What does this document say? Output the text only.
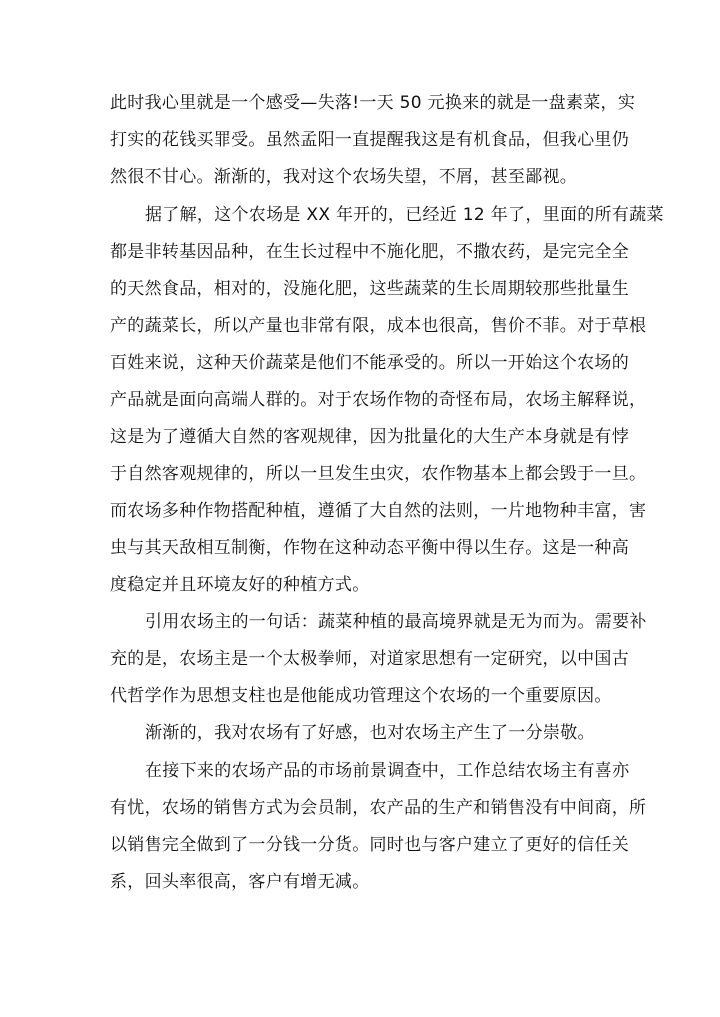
此时我心里就是一个感受—失落!一天 50 元换来的就是一盘素菜，实
打实的花钱买罪受。虽然孟阳一直提醒我这是有机食品，但我心里仍
然很不甘心。渐渐的，我对这个农场失望，不屑，甚至鄙视。
据了解，这个农场是 XX 年开的，已经近 12 年了，里面的所有蔬菜
都是非转基因品种，在生长过程中不施化肥，不撒农药，是完完全全
的天然食品，相对的，没施化肥，这些蔬菜的生长周期较那些批量生
产的蔬菜长，所以产量也非常有限，成本也很高，售价不菲。对于草根
百姓来说，这种天价蔬菜是他们不能承受的。所以一开始这个农场的
产品就是面向高端人群的。对于农场作物的奇怪布局，农场主解释说，
这是为了遵循大自然的客观规律，因为批量化的大生产本身就是有悖
于自然客观规律的，所以一旦发生虫灾，农作物基本上都会毁于一旦。
而农场多种作物搭配种植，遵循了大自然的法则，一片地物种丰富，害
虫与其天敌相互制衡，作物在这种动态平衡中得以生存。这是一种高
度稳定并且环境友好的种植方式。
引用农场主的一句话：蔬菜种植的最高境界就是无为而为。需要补
充的是，农场主是一个太极拳师，对道家思想有一定研究，以中国古
代哲学作为思想支柱也是他能成功管理这个农场的一个重要原因。
渐渐的，我对农场有了好感，也对农场主产生了一分崇敬。
在接下来的农场产品的市场前景调查中，工作总结农场主有喜亦
有忧，农场的销售方式为会员制，农产品的生产和销售没有中间商，所
以销售完全做到了一分钱一分货。同时也与客户建立了更好的信任关
系，回头率很高，客户有增无减。
